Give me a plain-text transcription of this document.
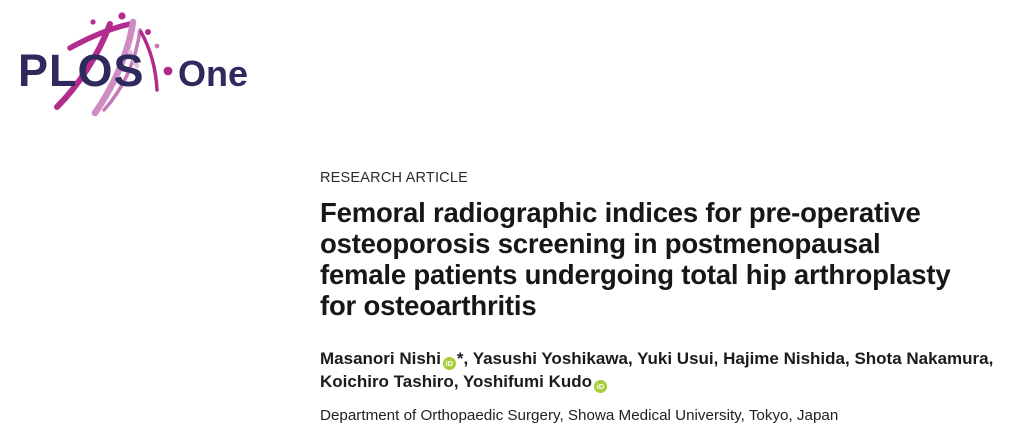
PLOS One
RESEARCH ARTICLE
Femoral radiographic indices for pre-operative
osteoporosis screening in postmenopausal
female patients undergoing total hip arthroplasty
for osteoarthritis
Masanori Nishi iD *, Yasushi Yoshikawa, Yuki Usui, Hajime Nishida, Shota Nakamura,
Koichiro Tashiro, Yoshifumi Kudo iD
Department of Orthopaedic Surgery, Showa Medical University, Tokyo, Japan
